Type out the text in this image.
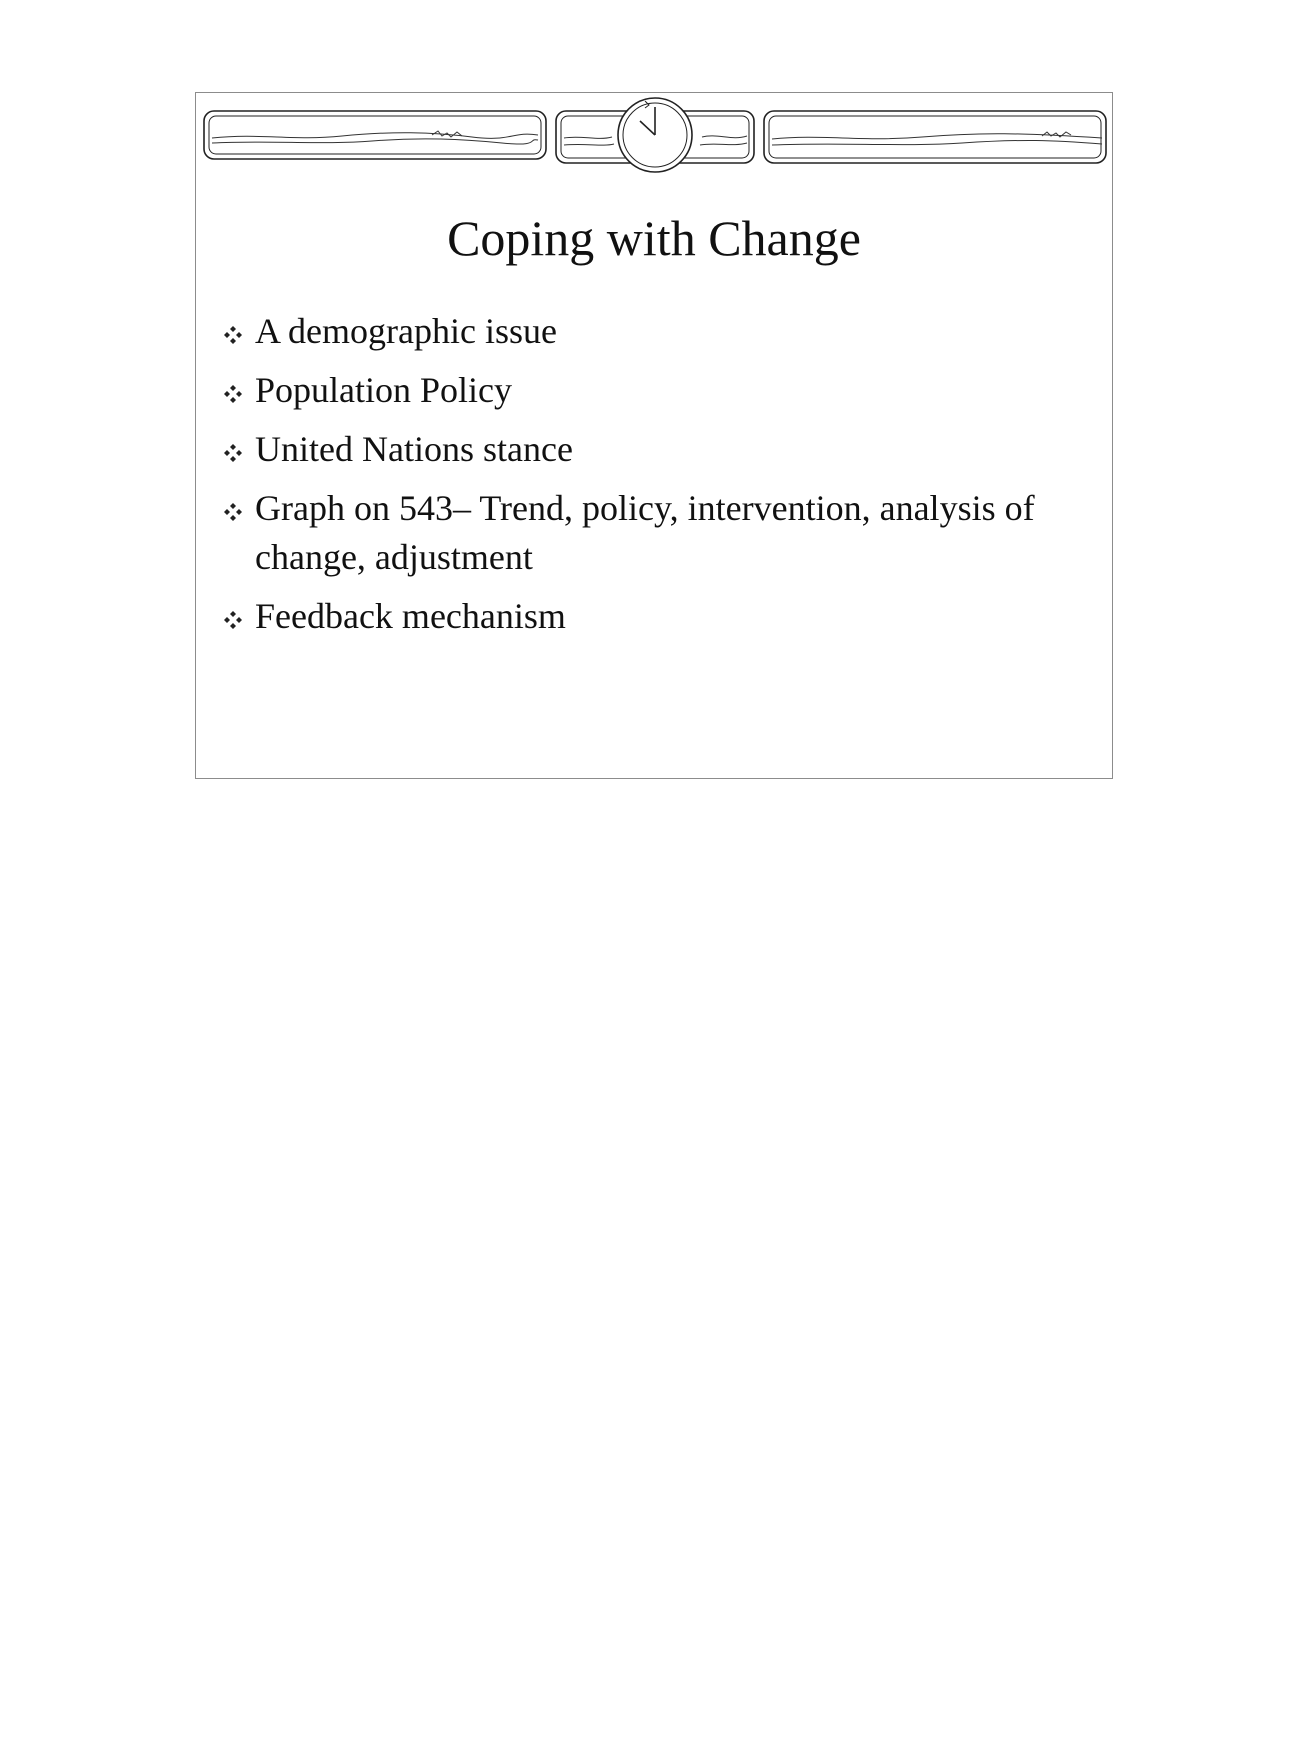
Coping with Change
A demographic issue
Population Policy
United Nations stance
Graph on 543– Trend, policy, intervention, analysis of change, adjustment
Feedback mechanism
